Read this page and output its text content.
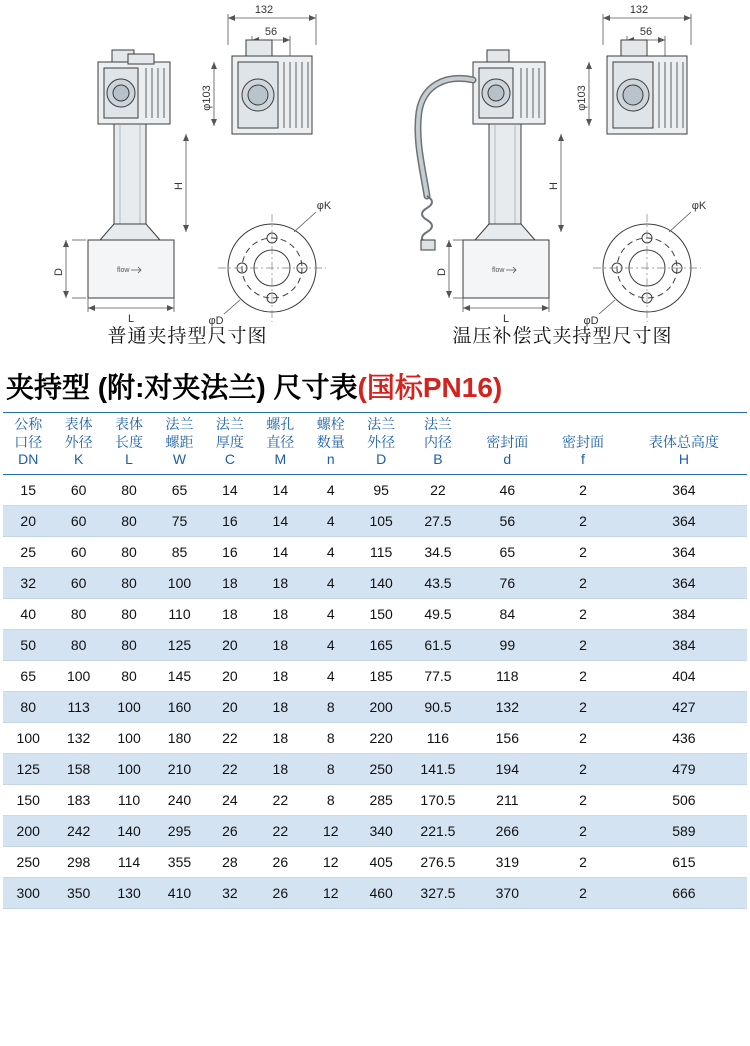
flow
132
56
φ103
H
D
L
φK
φD
普通夹持型尺寸图
flow
132
56
φ103
H
D
L
φK
φD
温压补偿式夹持型尺寸图
夹持型 (附:对夹法兰) 尺寸表 (国标PN16)
公称
口径
DN	表体
外径
K	表体
长度
L	法兰
螺距
W	法兰
厚度
C	螺孔
直径
M	螺栓
数量
n	法兰
外径
D	法兰
内径
B	密封面
d	密封面
f	表体总高度
H

15	60	80	65	14	14	4	95	22	46	2	364
20	60	80	75	16	14	4	105	27.5	56	2	364
25	60	80	85	16	14	4	115	34.5	65	2	364
32	60	80	100	18	18	4	140	43.5	76	2	364
40	80	80	110	18	18	4	150	49.5	84	2	384
50	80	80	125	20	18	4	165	61.5	99	2	384
65	100	80	145	20	18	4	185	77.5	118	2	404
80	113	100	160	20	18	8	200	90.5	132	2	427
100	132	100	180	22	18	8	220	116	156	2	436
125	158	100	210	22	18	8	250	141.5	194	2	479
150	183	110	240	24	22	8	285	170.5	211	2	506
200	242	140	295	26	22	12	340	221.5	266	2	589
250	298	114	355	28	26	12	405	276.5	319	2	615
300	350	130	410	32	26	12	460	327.5	370	2	666
